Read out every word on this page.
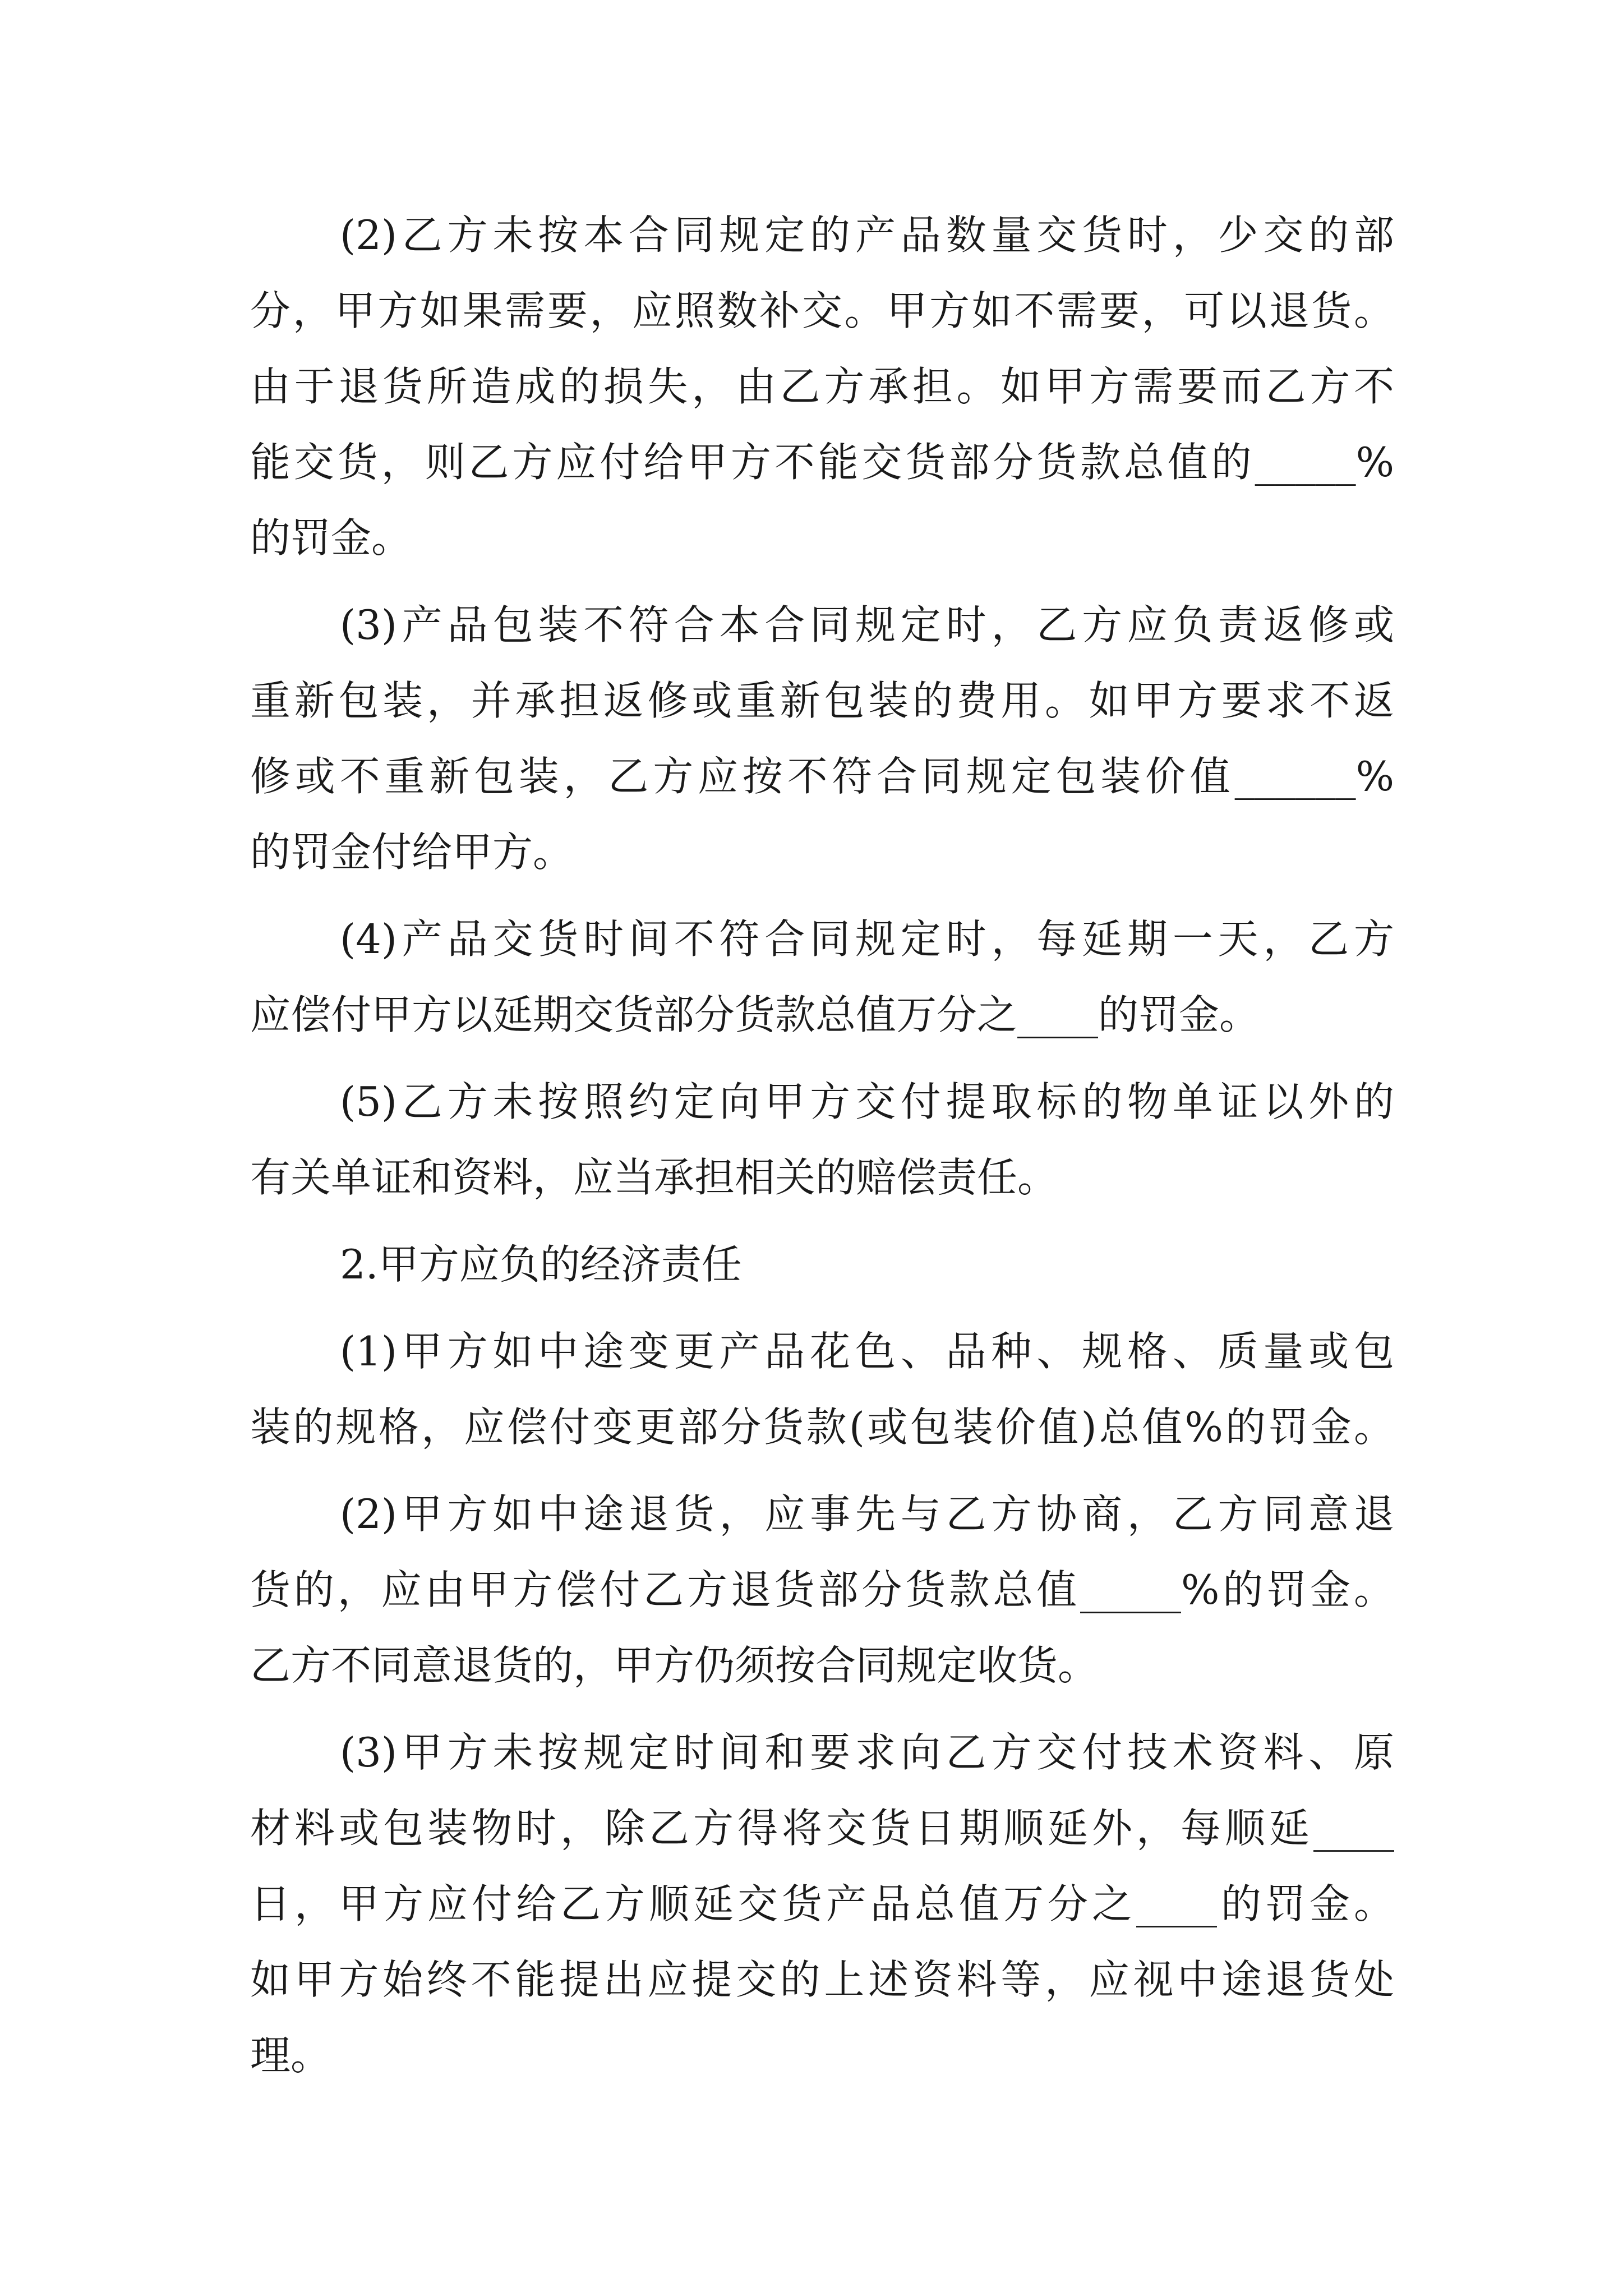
(2)乙方未按本合同规定的产品数量交货时，少交的部
分，甲方如果需要，应照数补交。甲方如不需要，可以退货。
由于退货所造成的损失，由乙方承担。如甲方需要而乙方不
能交货，则乙方应付给甲方不能交货部分货款总值的_____%
的罚金。
(3)产品包装不符合本合同规定时，乙方应负责返修或
重新包装，并承担返修或重新包装的费用。如甲方要求不返
修或不重新包装，乙方应按不符合同规定包装价值______%
的罚金付给甲方。
(4)产品交货时间不符合同规定时，每延期一天，乙方
应偿付甲方以延期交货部分货款总值万分之____的罚金。
(5)乙方未按照约定向甲方交付提取标的物单证以外的
有关单证和资料，应当承担相关的赔偿责任。
2.甲方应负的经济责任
(1)甲方如中途变更产品花色、品种、规格、质量或包
装的规格，应偿付变更部分货款(或包装价值)总值%的罚金。
(2)甲方如中途退货，应事先与乙方协商，乙方同意退
货的，应由甲方偿付乙方退货部分货款总值_____%的罚金。
乙方不同意退货的，甲方仍须按合同规定收货。
(3)甲方未按规定时间和要求向乙方交付技术资料、原
材料或包装物时，除乙方得将交货日期顺延外，每顺延____
日，甲方应付给乙方顺延交货产品总值万分之____的罚金。
如甲方始终不能提出应提交的上述资料等，应视中途退货处
理。
